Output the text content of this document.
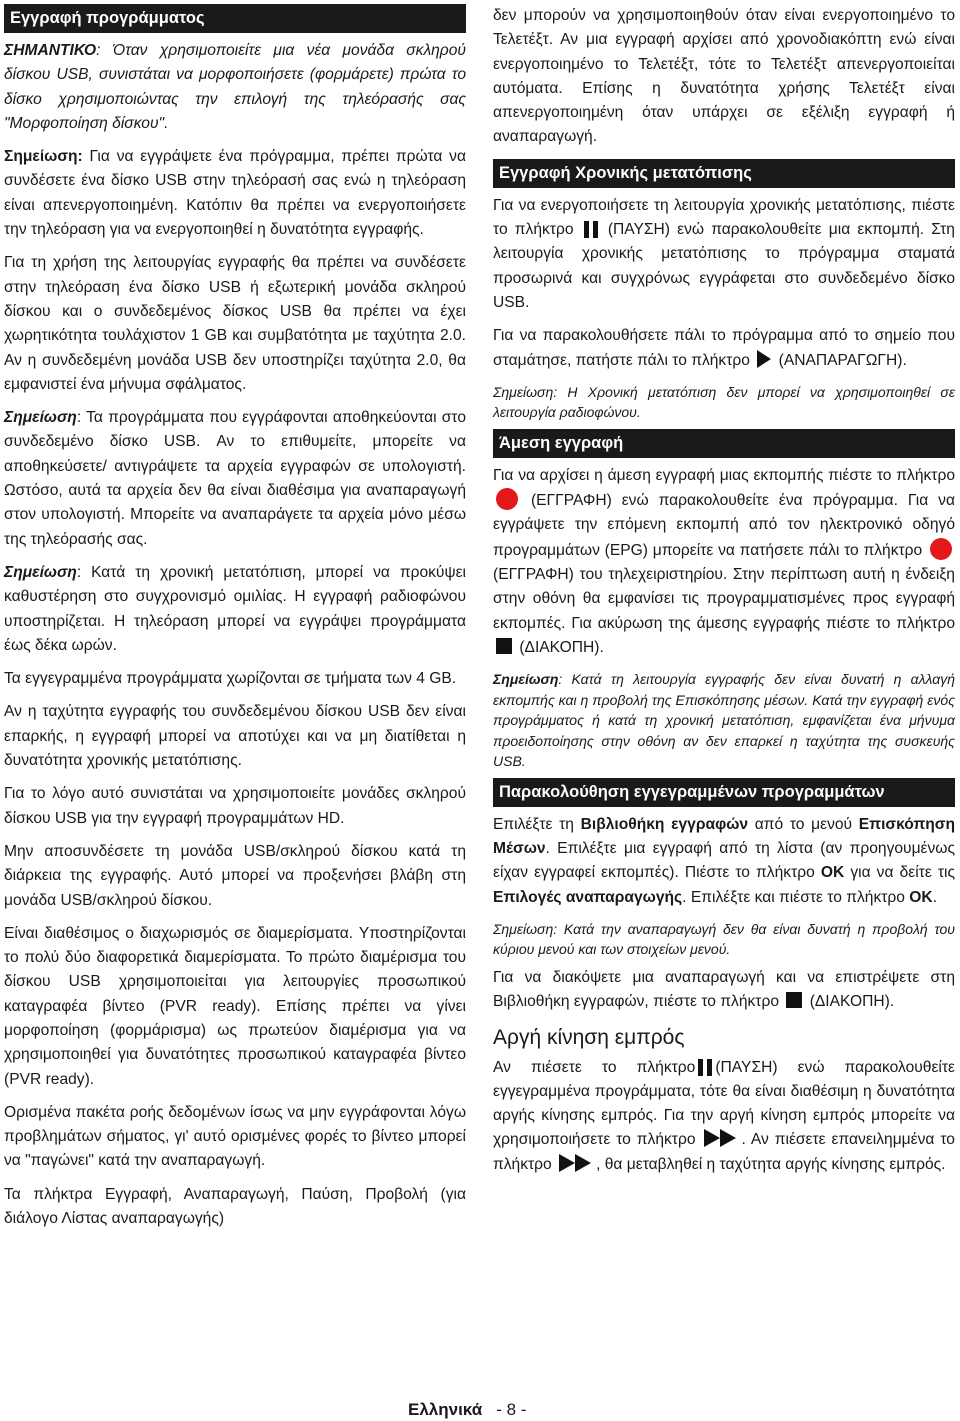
Εγγραφή προγράμματος

ΣΗΜΑΝΤΙΚΟ: Όταν χρησιμοποιείτε μια νέα μονάδα σκληρού δίσκου USB, συνιστάται να μορφοποιήσετε (φορμάρετε) πρώτα το δίσκο χρησιμοποιώντας την επιλογή της τηλεόρασής σας "Μορφοποίηση δίσκου".

Σημείωση: Για να εγγράψετε ένα πρόγραμμα, πρέπει πρώτα να συνδέσετε ένα δίσκο USB στην τηλεόρασή σας ενώ η τηλεόραση είναι απενεργοποιημένη. Κατόπιν θα πρέπει να ενεργοποιήσετε την τηλεόραση για να ενεργοποιηθεί η δυνατότητα εγγραφής.

Για τη χρήση της λειτουργίας εγγραφής θα πρέπει να συνδέσετε στην τηλεόραση ένα δίσκο USB ή εξωτερική μονάδα σκληρού δίσκου και ο συνδεδεμένος δίσκος USB θα πρέπει να έχει χωρητικότητα τουλάχιστον 1 GB και συμβατότητα με ταχύτητα 2.0. Αν η συνδεδεμένη μονάδα USB δεν υποστηρίζει ταχύτητα 2.0, θα εμφανιστεί ένα μήνυμα σφάλματος.

Σημείωση: Τα προγράμματα που εγγράφονται αποθηκεύονται στο συνδεδεμένο δίσκο USB. Αν το επιθυμείτε, μπορείτε να αποθηκεύσετε/ αντιγράψετε τα αρχεία εγγραφών σε υπολογιστή. Ωστόσο, αυτά τα αρχεία δεν θα είναι διαθέσιμα για αναπαραγωγή στον υπολογιστή. Μπορείτε να αναπαράγετε τα αρχεία μόνο μέσω της τηλεόρασής σας.

Σημείωση: Κατά τη χρονική μετατόπιση, μπορεί να προκύψει καθυστέρηση στο συγχρονισμό ομιλίας. Η εγγραφή ραδιοφώνου υποστηρίζεται. Η τηλεόραση μπορεί να εγγράψει προγράμματα έως δέκα ωρών.

Τα εγγεγραμμένα προγράμματα χωρίζονται σε τμήματα των 4 GB.

Αν η ταχύτητα εγγραφής του συνδεδεμένου δίσκου USB δεν είναι επαρκής, η εγγραφή μπορεί να αποτύχει και να μη διατίθεται η δυνατότητα χρονικής μετατόπισης.

Για το λόγο αυτό συνιστάται να χρησιμοποιείτε μονάδες σκληρού δίσκου USB για την εγγραφή προγραμμάτων HD.

Μην αποσυνδέσετε τη μονάδα USB/σκληρού δίσκου κατά τη διάρκεια της εγγραφής. Αυτό μπορεί να προξενήσει βλάβη στη μονάδα USB/σκληρού δίσκου.

Είναι διαθέσιμος ο διαχωρισμός σε διαμερίσματα. Υποστηρίζονται το πολύ δύο διαφορετικά διαμερίσματα. Το πρώτο διαμέρισμα του δίσκου USB χρησιμοποιείται για λειτουργίες προσωπικού καταγραφέα βίντεο (PVR ready). Επίσης πρέπει να γίνει μορφοποίηση (φορμάρισμα) ως πρωτεύον διαμέρισμα για να χρησιμοποιηθεί για δυνατότητες προσωπικού καταγραφέα βίντεο (PVR ready).

Ορισμένα πακέτα ροής δεδομένων ίσως να μην εγγράφονται λόγω προβλημάτων σήματος, γι' αυτό ορισμένες φορές το βίντεο μπορεί να "παγώνει" κατά την αναπαραγωγή.

Τα πλήκτρα Εγγραφή, Αναπαραγωγή, Παύση, Προβολή (για διάλογο Λίστας αναπαραγωγής)

δεν μπορούν να χρησιμοποιηθούν όταν είναι ενεργοποιημένο το Τελετέξτ. Αν μια εγγραφή αρχίσει από χρονοδιακόπτη ενώ είναι ενεργοποιημένο το Τελετέξτ, τότε το Τελετέξτ απενεργοποιείται αυτόματα. Επίσης η δυνατότητα χρήσης Τελετέξτ είναι απενεργοποιημένη όταν υπάρχει σε εξέλιξη εγγραφή ή αναπαραγωγή.

Εγγραφή Χρονικής μετατόπισης

Για να ενεργοποιήσετε τη λειτουργία χρονικής μετατόπισης, πιέστε το πλήκτρο (ΠΑΥΣΗ) ενώ παρακολουθείτε μια εκπομπή. Στη λειτουργία χρονικής μετατόπισης το πρόγραμμα σταματά προσωρινά και συγχρόνως εγγράφεται στο συνδεδεμένο δίσκο USB.

Για να παρακολουθήσετε πάλι το πρόγραμμα από το σημείο που σταμάτησε, πατήστε πάλι το πλήκτρο (ΑΝΑΠΑΡΑΓΩΓΗ).

Σημείωση: Η Χρονική μετατόπιση δεν μπορεί να χρησιμοποιηθεί σε λειτουργία ραδιοφώνου.

Άμεση εγγραφή

Για να αρχίσει η άμεση εγγραφή μιας εκπομπής πιέστε το πλήκτρο  (ΕΓΓΡΑΦΗ) ενώ παρακολουθείτε ένα πρόγραμμα. Για να εγγράψετε την επόμενη εκπομπή από τον ηλεκτρονικό οδηγό προγραμμάτων (EPG) μπορείτε να πατήσετε πάλι το πλήκτρο  (ΕΓΓΡΑΦΗ) του τηλεχειριστηρίου. Στην περίπτωση αυτή η ένδειξη στην οθόνη θα εμφανίσει τις προγραμματισμένες προς εγγραφή εκπομπές. Για ακύρωση της άμεσης εγγραφής πιέστε το πλήκτρο  (ΔΙΑΚΟΠΗ).

Σημείωση: Κατά τη λειτουργία εγγραφής δεν είναι δυνατή η αλλαγή εκπομπής και η προβολή της Επισκόπησης μέσων. Κατά την εγγραφή ενός προγράμματος ή κατά τη χρονική μετατόπιση, εμφανίζεται ένα μήνυμα προειδοποίησης στην οθόνη αν δεν επαρκεί η ταχύτητα της συσκευής USB.

Παρακολούθηση εγγεγραμμένων προγραμμάτων

Επιλέξτε τη Βιβλιοθήκη εγγραφών από το μενού Επισκόπηση Μέσων. Επιλέξτε μια εγγραφή από τη λίστα (αν προηγουμένως είχαν εγγραφεί εκπομπές). Πιέστε το πλήκτρο OK για να δείτε τις Επιλογές αναπαραγωγής. Επιλέξτε και πιέστε το πλήκτρο OK.

Σημείωση: Κατά την αναπαραγωγή δεν θα είναι δυνατή η προβολή του κύριου μενού και των στοιχείων μενού.

Για να διακόψετε μια αναπαραγωγή και να επιστρέψετε στη Βιβλιοθήκη εγγραφών, πιέστε το πλήκτρο (ΔΙΑΚΟΠΗ).

Αργή κίνηση εμπρός

Αν πιέσετε το πλήκτρο (ΠΑΥΣΗ) ενώ παρακολουθείτε εγγεγραμμένα προγράμματα, τότε θα είναι διαθέσιμη η δυνατότητα αργής κίνησης εμπρός. Για την αργή κίνηση εμπρός μπορείτε να χρησιμοποιήσετε το πλήκτρο	. Αν πιέσετε επανειλημμένα το πλήκτρο	, θα μεταβληθεί η ταχύτητα αργής κίνησης εμπρός.

Ελληνικά - 8 -
